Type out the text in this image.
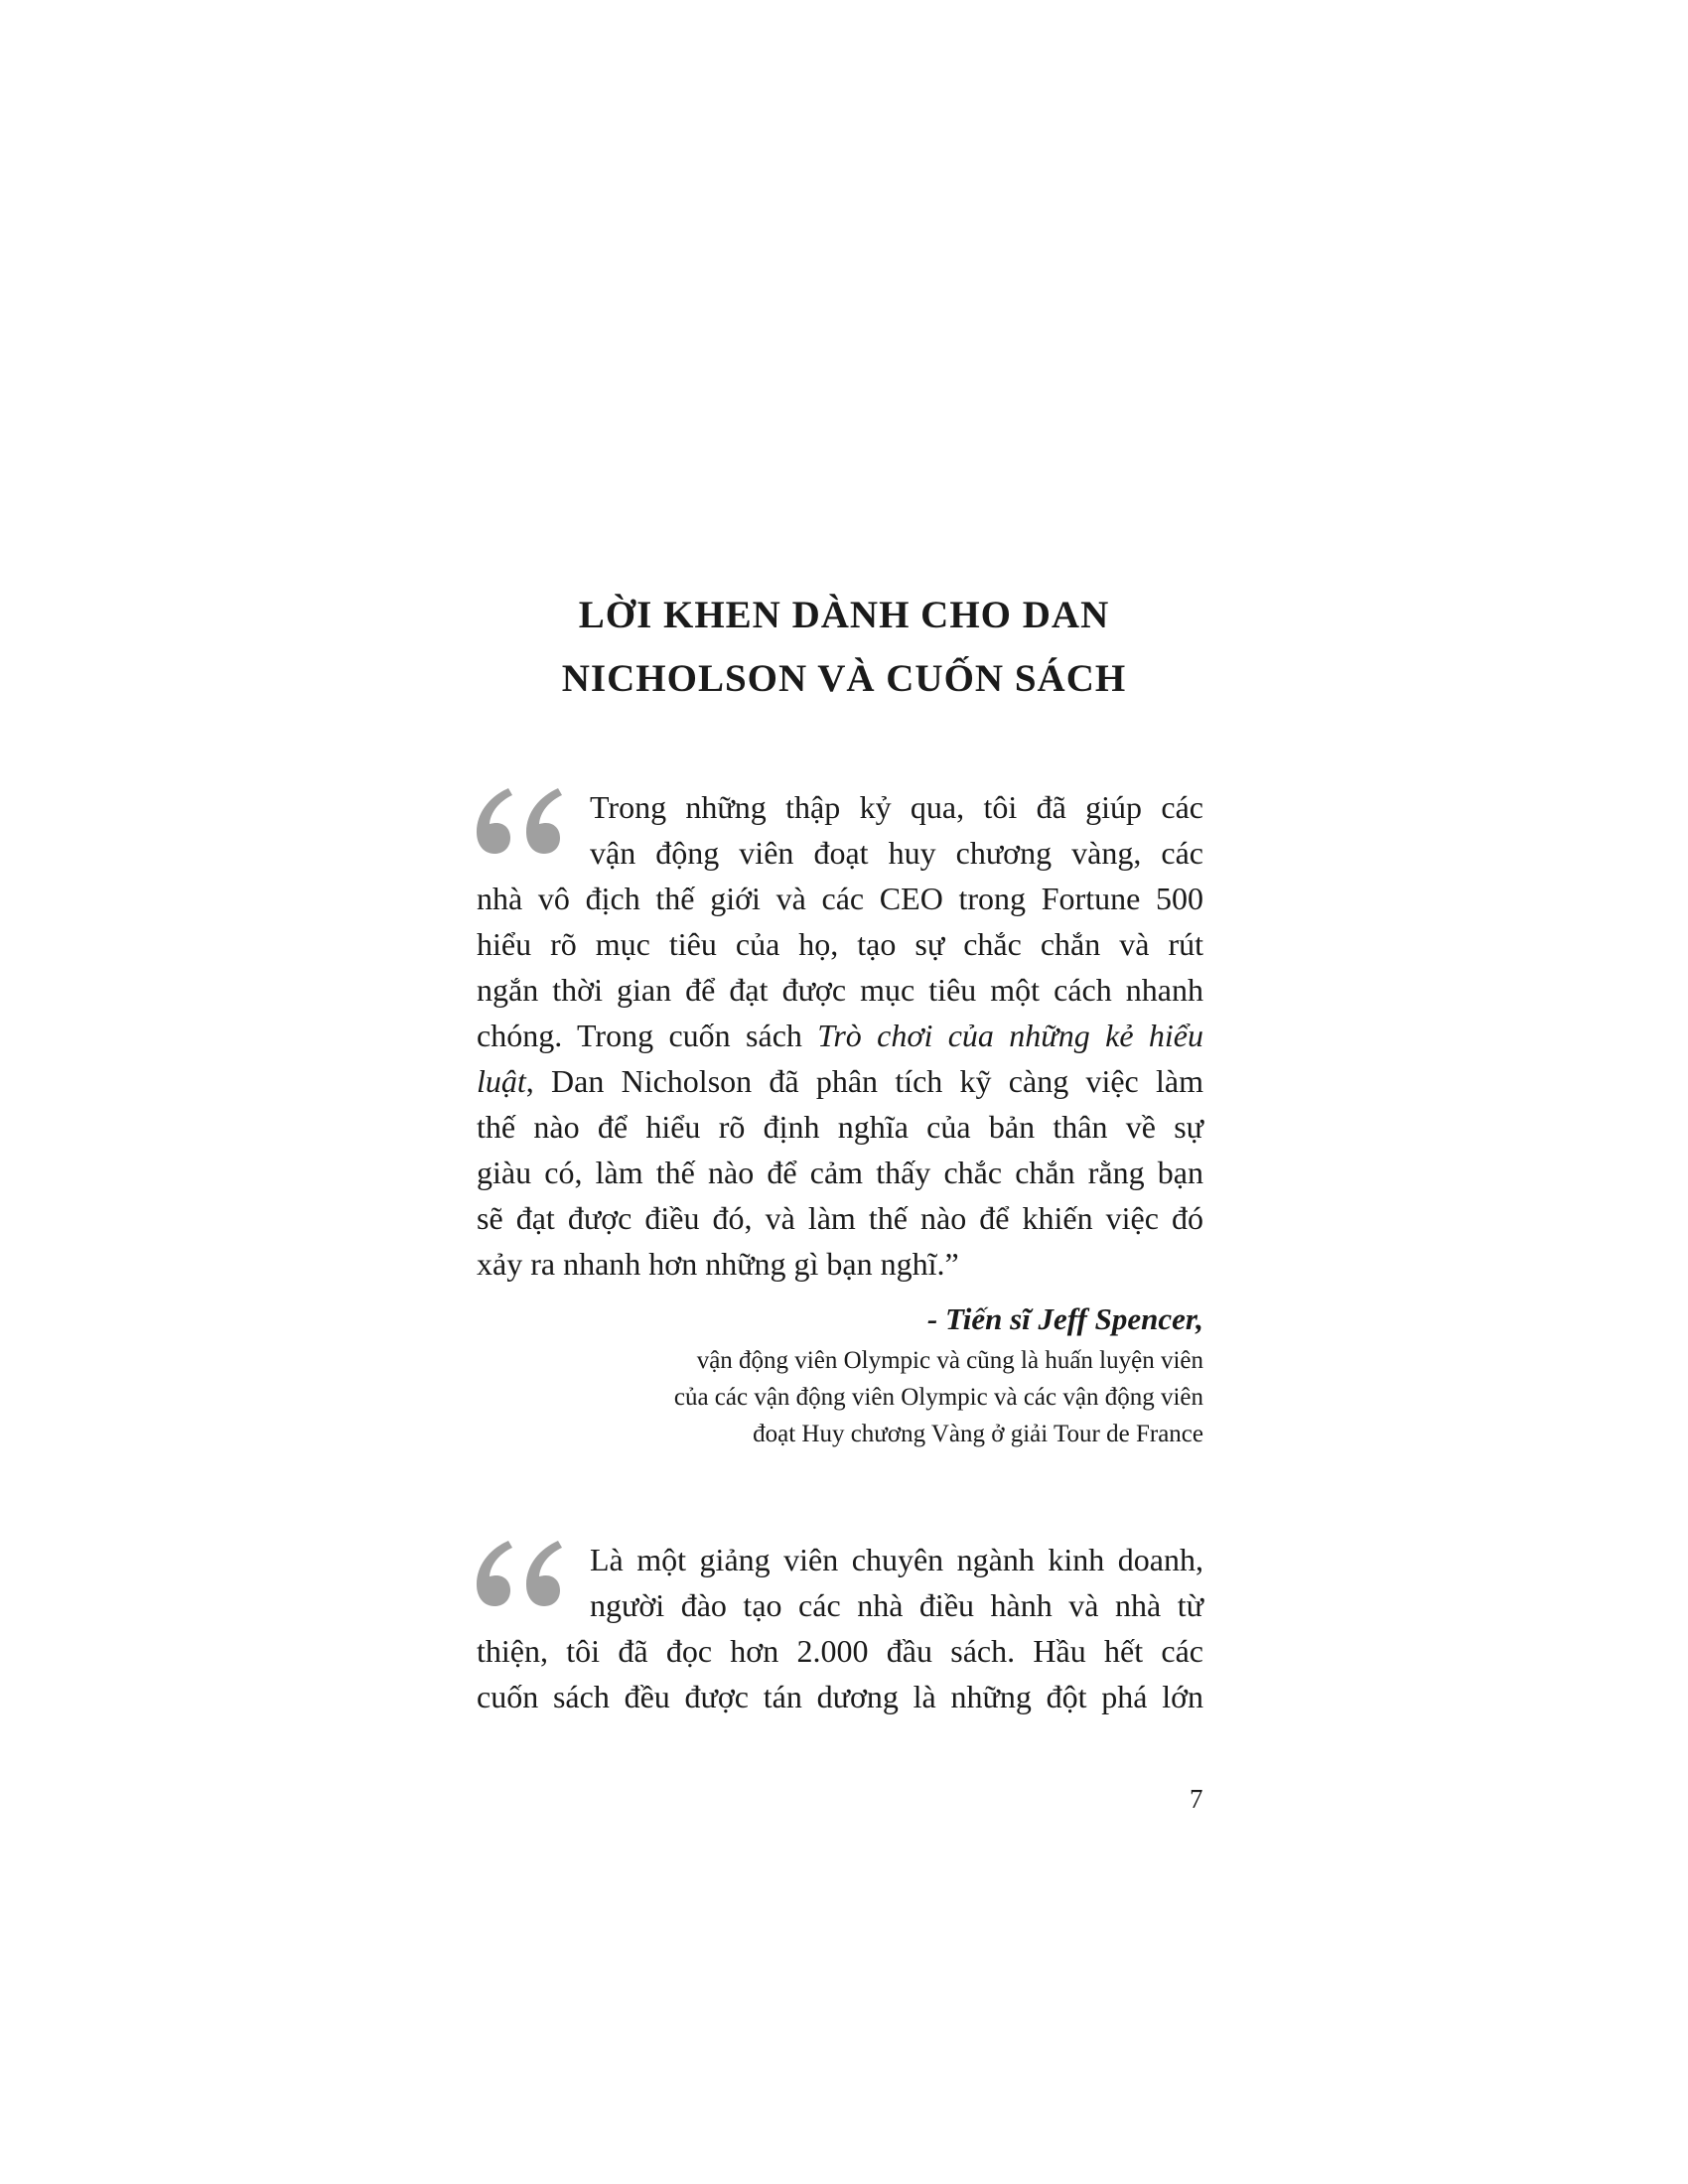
LỜI KHEN DÀNH CHO DAN
NICHOLSON VÀ CUỐN SÁCH
Trong những thập kỷ qua, tôi đã giúp các
vận động viên đoạt huy chương vàng, các
nhà vô địch thế giới và các CEO trong Fortune 500
hiểu rõ mục tiêu của họ, tạo sự chắc chắn và rút
ngắn thời gian để đạt được mục tiêu một cách nhanh
chóng. Trong cuốn sách Trò chơi của những kẻ hiểu
luật, Dan Nicholson đã phân tích kỹ càng việc làm
thế nào để hiểu rõ định nghĩa của bản thân về sự
giàu có, làm thế nào để cảm thấy chắc chắn rằng bạn
sẽ đạt được điều đó, và làm thế nào để khiến việc đó
xảy ra nhanh hơn những gì bạn nghĩ.”
- Tiến sĩ Jeff Spencer,
vận động viên Olympic và cũng là huấn luyện viên
của các vận động viên Olympic và các vận động viên
đoạt Huy chương Vàng ở giải Tour de France
Là một giảng viên chuyên ngành kinh doanh,
người đào tạo các nhà điều hành và nhà từ
thiện, tôi đã đọc hơn 2.000 đầu sách. Hầu hết các
cuốn sách đều được tán dương là những đột phá lớn
7
